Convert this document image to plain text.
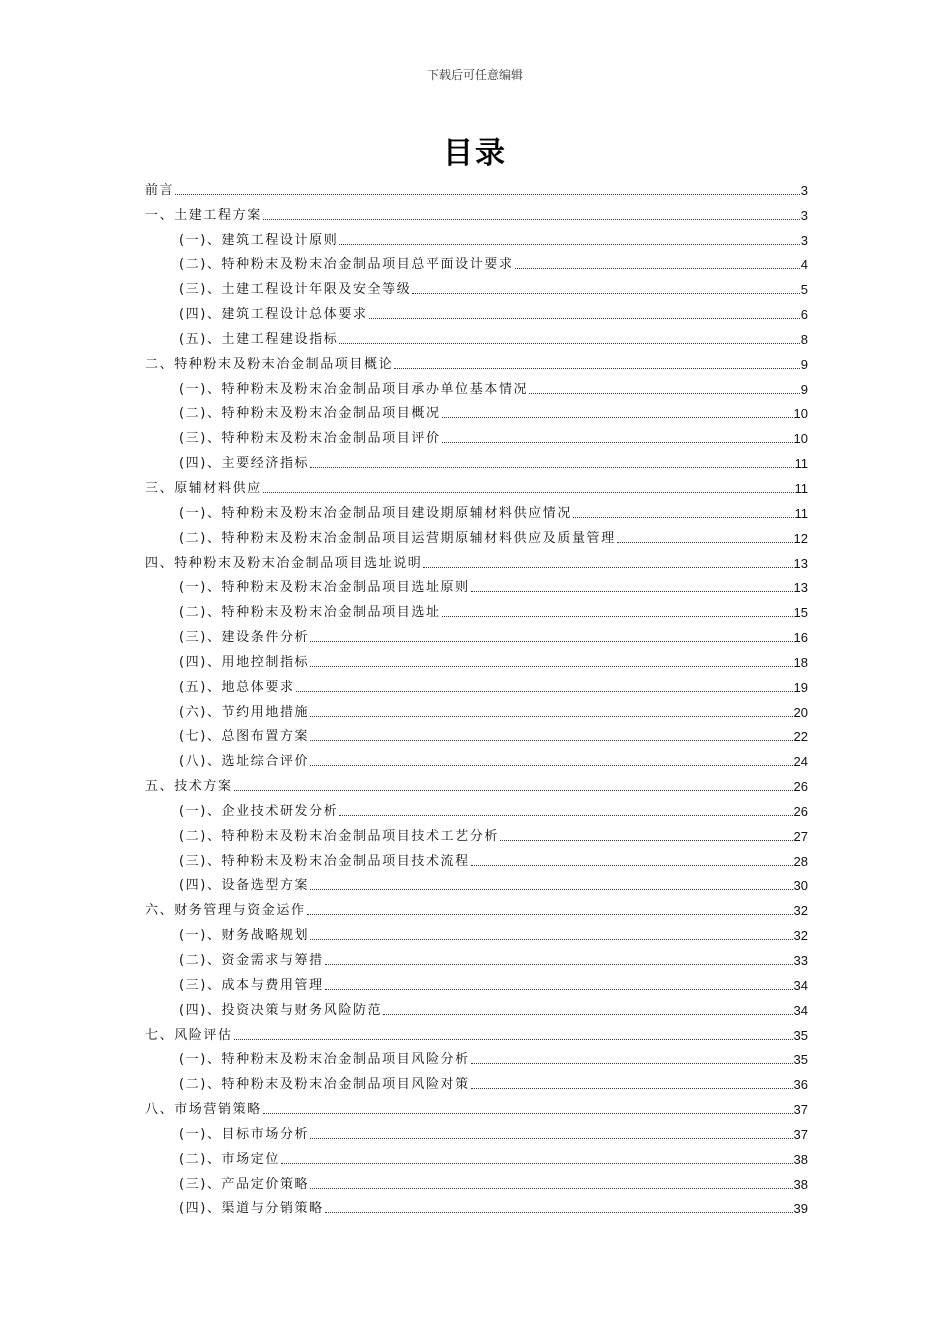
下载后可任意编辑
目录
前言	3
一、土建工程方案	3
(一)、建筑工程设计原则	3
(二)、特种粉末及粉末冶金制品项目总平面设计要求	4
(三)、土建工程设计年限及安全等级	5
(四)、建筑工程设计总体要求	6
(五)、土建工程建设指标	8
二、特种粉末及粉末冶金制品项目概论	9
(一)、特种粉末及粉末冶金制品项目承办单位基本情况	9
(二)、特种粉末及粉末冶金制品项目概况	10
(三)、特种粉末及粉末冶金制品项目评价	10
(四)、主要经济指标	11
三、原辅材料供应	11
(一)、特种粉末及粉末冶金制品项目建设期原辅材料供应情况	11
(二)、特种粉末及粉末冶金制品项目运营期原辅材料供应及质量管理	12
四、特种粉末及粉末冶金制品项目选址说明	13
(一)、特种粉末及粉末冶金制品项目选址原则	13
(二)、特种粉末及粉末冶金制品项目选址	15
(三)、建设条件分析	16
(四)、用地控制指标	18
(五)、地总体要求	19
(六)、节约用地措施	20
(七)、总图布置方案	22
(八)、选址综合评价	24
五、技术方案	26
(一)、企业技术研发分析	26
(二)、特种粉末及粉末冶金制品项目技术工艺分析	27
(三)、特种粉末及粉末冶金制品项目技术流程	28
(四)、设备选型方案	30
六、财务管理与资金运作	32
(一)、财务战略规划	32
(二)、资金需求与筹措	33
(三)、成本与费用管理	34
(四)、投资决策与财务风险防范	34
七、风险评估	35
(一)、特种粉末及粉末冶金制品项目风险分析	35
(二)、特种粉末及粉末冶金制品项目风险对策	36
八、市场营销策略	37
(一)、目标市场分析	37
(二)、市场定位	38
(三)、产品定价策略	38
(四)、渠道与分销策略	39
